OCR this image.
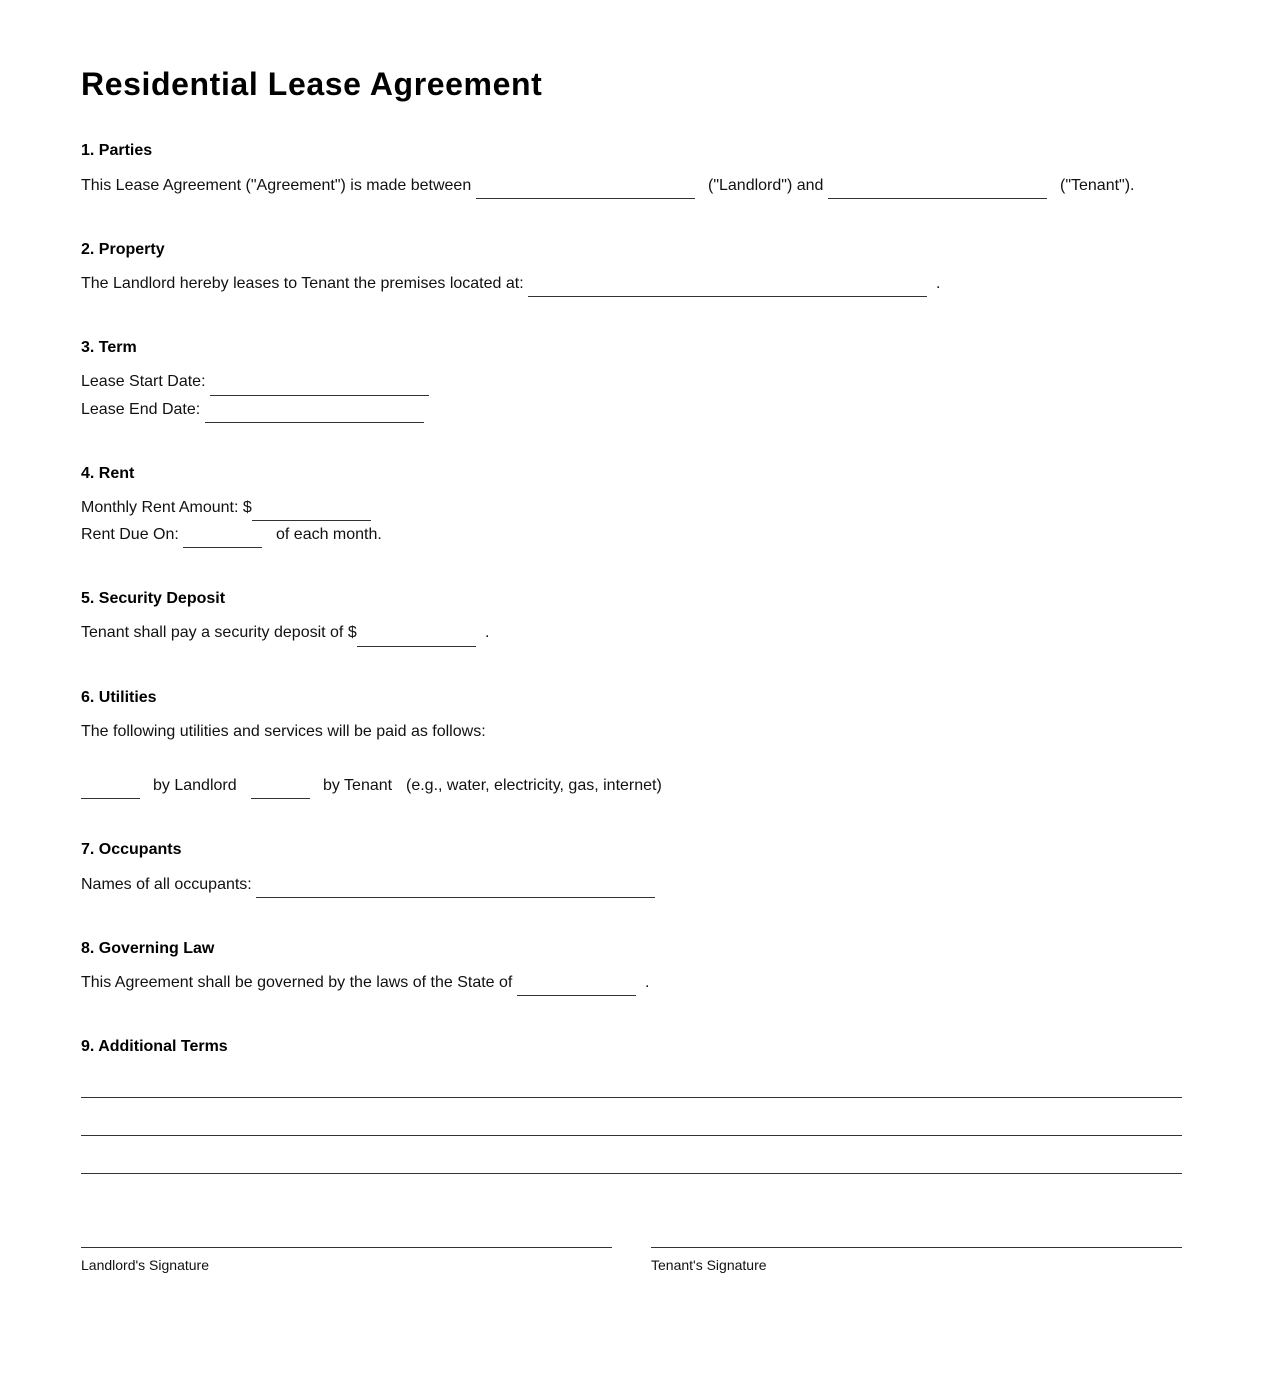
Residential Lease Agreement
1. Parties
This Lease Agreement ("Agreement") is made between	("Landlord") and	("Tenant").
2. Property
The Landlord hereby leases to Tenant the premises located at:	.
3. Term
Lease Start Date:
Lease End Date:
4. Rent
Monthly Rent Amount: $
Rent Due On:	of each month.
5. Security Deposit
Tenant shall pay a security deposit of $	.
6. Utilities
The following utilities and services will be paid as follows:
by Landlord	by Tenant (e.g., water, electricity, gas, internet)
7. Occupants
Names of all occupants:
8. Governing Law
This Agreement shall be governed by the laws of the State of	.
9. Additional Terms
Landlord's Signature	Tenant's Signature
